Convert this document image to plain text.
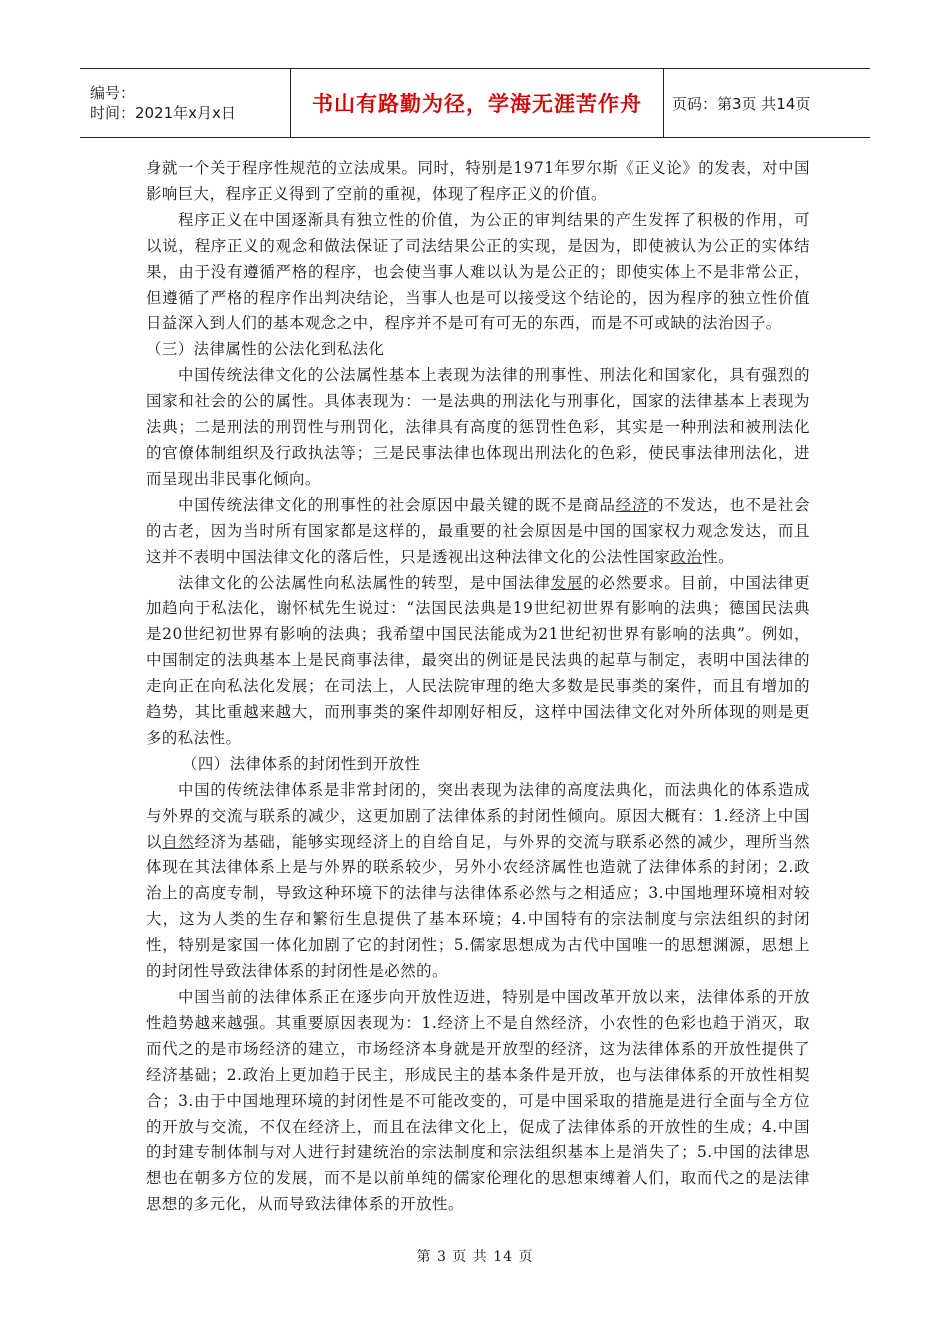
编号：
时间：2021年x月x日	书山有路勤为径，学海无涯苦作舟 页码：第3页 共14页

身就一个关于程序性规范的立法成果。同时，特别是1971年罗尔斯《正义论》的发表，对中国影响巨大，程序正义得到了空前的重视，体现了程序正义的价值。

程序正义在中国逐渐具有独立性的价值，为公正的审判结果的产生发挥了积极的作用，可以说，程序正义的观念和做法保证了司法结果公正的实现，是因为，即使被认为公正的实体结果，由于没有遵循严格的程序，也会使当事人难以认为是公正的；即使实体上不是非常公正，但遵循了严格的程序作出判决结论，当事人也是可以接受这个结论的，因为程序的独立性价值日益深入到人们的基本观念之中，程序并不是可有可无的东西，而是不可或缺的法治因子。

（三）法律属性的公法化到私法化

中国传统法律文化的公法属性基本上表现为法律的刑事性、刑法化和国家化，具有强烈的国家和社会的公的属性。具体表现为：一是法典的刑法化与刑事化，国家的法律基本上表现为法典；二是刑法的刑罚性与刑罚化，法律具有高度的惩罚性色彩，其实是一种刑法和被刑法化的官僚体制组织及行政执法等；三是民事法律也体现出刑法化的色彩，使民事法律刑法化，进而呈现出非民事化倾向。

中国传统法律文化的刑事性的社会原因中最关键的既不是商品经济的不发达，也不是社会的古老，因为当时所有国家都是这样的，最重要的社会原因是中国的国家权力观念发达，而且这并不表明中国法律文化的落后性，只是透视出这种法律文化的公法性国家政治性。

法律文化的公法属性向私法属性的转型，是中国法律发展的必然要求。目前，中国法律更加趋向于私法化，谢怀栻先生说过：“法国民法典是19世纪初世界有影响的法典；德国民法典是20世纪初世界有影响的法典；我希望中国民法能成为21世纪初世界有影响的法典”。例如，中国制定的法典基本上是民商事法律，最突出的例证是民法典的起草与制定，表明中国法律的走向正在向私法化发展；在司法上，人民法院审理的绝大多数是民事类的案件，而且有增加的趋势，其比重越来越大，而刑事类的案件却刚好相反，这样中国法律文化对外所体现的则是更多的私法性。

（四）法律体系的封闭性到开放性

中国的传统法律体系是非常封闭的，突出表现为法律的高度法典化，而法典化的体系造成与外界的交流与联系的减少，这更加剧了法律体系的封闭性倾向。原因大概有：1.经济上中国以自然经济为基础，能够实现经济上的自给自足，与外界的交流与联系必然的减少，理所当然体现在其法律体系上是与外界的联系较少，另外小农经济属性也造就了法律体系的封闭；2.政治上的高度专制，导致这种环境下的法律与法律体系必然与之相适应；3.中国地理环境相对较大，这为人类的生存和繁衍生息提供了基本环境；4.中国特有的宗法制度与宗法组织的封闭性，特别是家国一体化加剧了它的封闭性；5.儒家思想成为古代中国唯一的思想渊源，思想上的封闭性导致法律体系的封闭性是必然的。

中国当前的法律体系正在逐步向开放性迈进，特别是中国改革开放以来，法律体系的开放性趋势越来越强。其重要原因表现为：1.经济上不是自然经济，小农性的色彩也趋于消灭，取而代之的是市场经济的建立，市场经济本身就是开放型的经济，这为法律体系的开放性提供了经济基础；2.政治上更加趋于民主，形成民主的基本条件是开放，也与法律体系的开放性相契合；3.由于中国地理环境的封闭性是不可能改变的，可是中国采取的措施是进行全面与全方位的开放与交流，不仅在经济上，而且在法律文化上，促成了法律体系的开放性的生成；4.中国的封建专制体制与对人进行封建统治的宗法制度和宗法组织基本上是消失了；5.中国的法律思想也在朝多方位的发展，而不是以前单纯的儒家伦理化的思想束缚着人们，取而代之的是法律思想的多元化，从而导致法律体系的开放性。

第 3 页 共 14 页
